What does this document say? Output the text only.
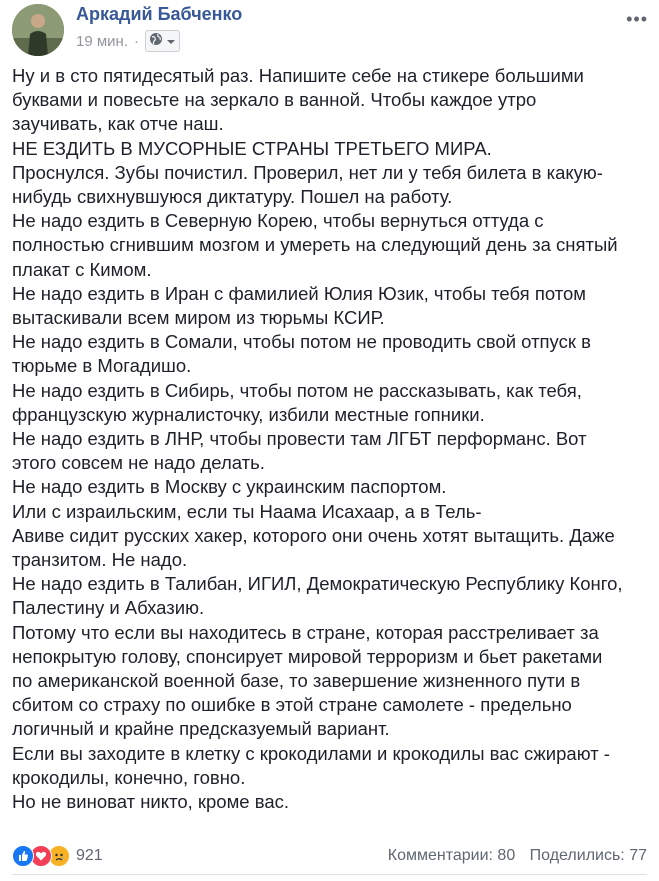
Аркадий Бабченко
19 мин. ·
•••

Ну и в сто пятидесятый раз. Напишите себе на стикере большими

буквами и повесьте на зеркало в ванной. Чтобы каждое утро

заучивать, как отче наш.

НЕ ЕЗДИТЬ В МУСОРНЫЕ СТРАНЫ ТРЕТЬЕГО МИРА.

Проснулся. Зубы почистил. Проверил, нет ли у тебя билета в какую-

нибудь свихнувшуюся диктатуру. Пошел на работу.

Не надо ездить в Северную Корею, чтобы вернуться оттуда с

полностью сгнившим мозгом и умереть на следующий день за снятый

плакат с Кимом.

Не надо ездить в Иран с фамилией Юлия Юзик, чтобы тебя потом

вытаскивали всем миром из тюрьмы КСИР.

Не надо ездить в Сомали, чтобы потом не проводить свой отпуск в

тюрьме в Могадишо.

Не надо ездить в Сибирь, чтобы потом не рассказывать, как тебя,

французскую журналисточку, избили местные гопники.

Не надо ездить в ЛНР, чтобы провести там ЛГБТ перформанс. Вот

этого совсем не надо делать.

Не надо ездить в Москву с украинским паспортом.

Или с израильским, если ты Наама Исахаар, а в Тель-

Авиве сидит русских хакер, которого они очень хотят вытащить. Даже

транзитом. Не надо.

Не надо ездить в Талибан, ИГИЛ, Демократическую Республику Конго,

Палестину и Абхазию.

Потому что если вы находитесь в стране, которая расстреливает за

непокрытую голову, спонсирует мировой терроризм и бьет ракетами

по американской военной базе, то завершение жизненного пути в

сбитом со страху по ошибке в этой стране самолете - предельно

логичный и крайне предсказуемый вариант.

Если вы заходите в клетку с крокодилами и крокодилы вас сжирают -

крокодилы, конечно, говно.

Но не виноват никто, кроме вас.

921	Комментарии: 80 Поделились: 77
